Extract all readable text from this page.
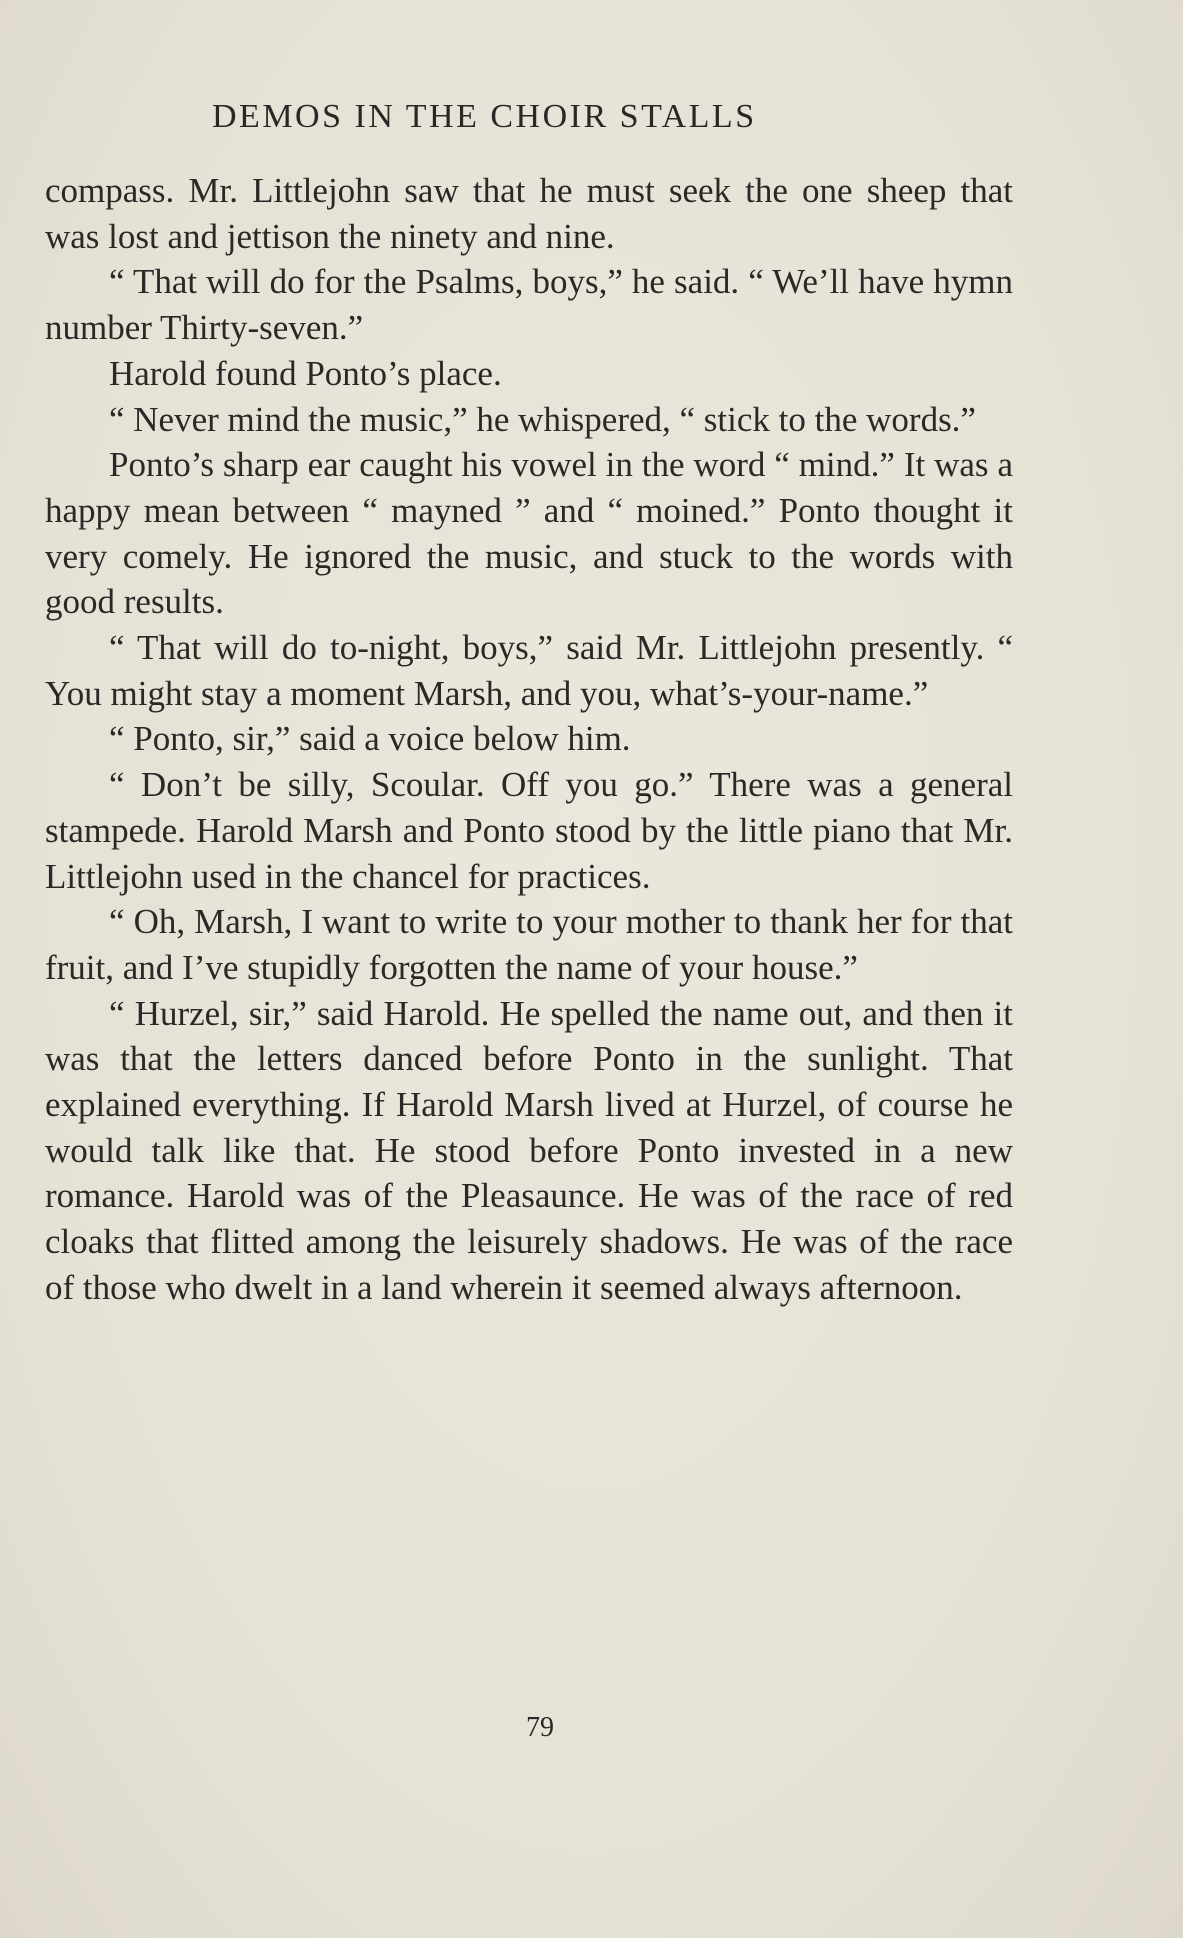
DEMOS IN THE CHOIR STALLS

compass. Mr. Littlejohn saw that he must seek the one sheep that was lost and jettison the ninety and nine.

“ That will do for the Psalms, boys,” he said. “ We’ll have hymn number Thirty-seven.”

Harold found Ponto’s place.

“ Never mind the music,” he whispered, “ stick to the words.”

Ponto’s sharp ear caught his vowel in the word “ mind.” It was a happy mean between “ mayned ” and “ moined.” Ponto thought it very comely. He ignored the music, and stuck to the words with good results.

“ That will do to-night, boys,” said Mr. Littlejohn presently. “ You might stay a moment Marsh, and you, what’s-your-name.”

“ Ponto, sir,” said a voice below him.

“ Don’t be silly, Scoular. Off you go.” There was a general stampede. Harold Marsh and Ponto stood by the little piano that Mr. Littlejohn used in the chancel for practices.

“ Oh, Marsh, I want to write to your mother to thank her for that fruit, and I’ve stupidly forgotten the name of your house.”

“ Hurzel, sir,” said Harold. He spelled the name out, and then it was that the letters danced before Ponto in the sunlight. That explained everything. If Harold Marsh lived at Hurzel, of course he would talk like that. He stood before Ponto invested in a new romance. Harold was of the Pleasaunce. He was of the race of red cloaks that flitted among the leisurely shadows. He was of the race of those who dwelt in a land wherein it seemed always afternoon.

79
